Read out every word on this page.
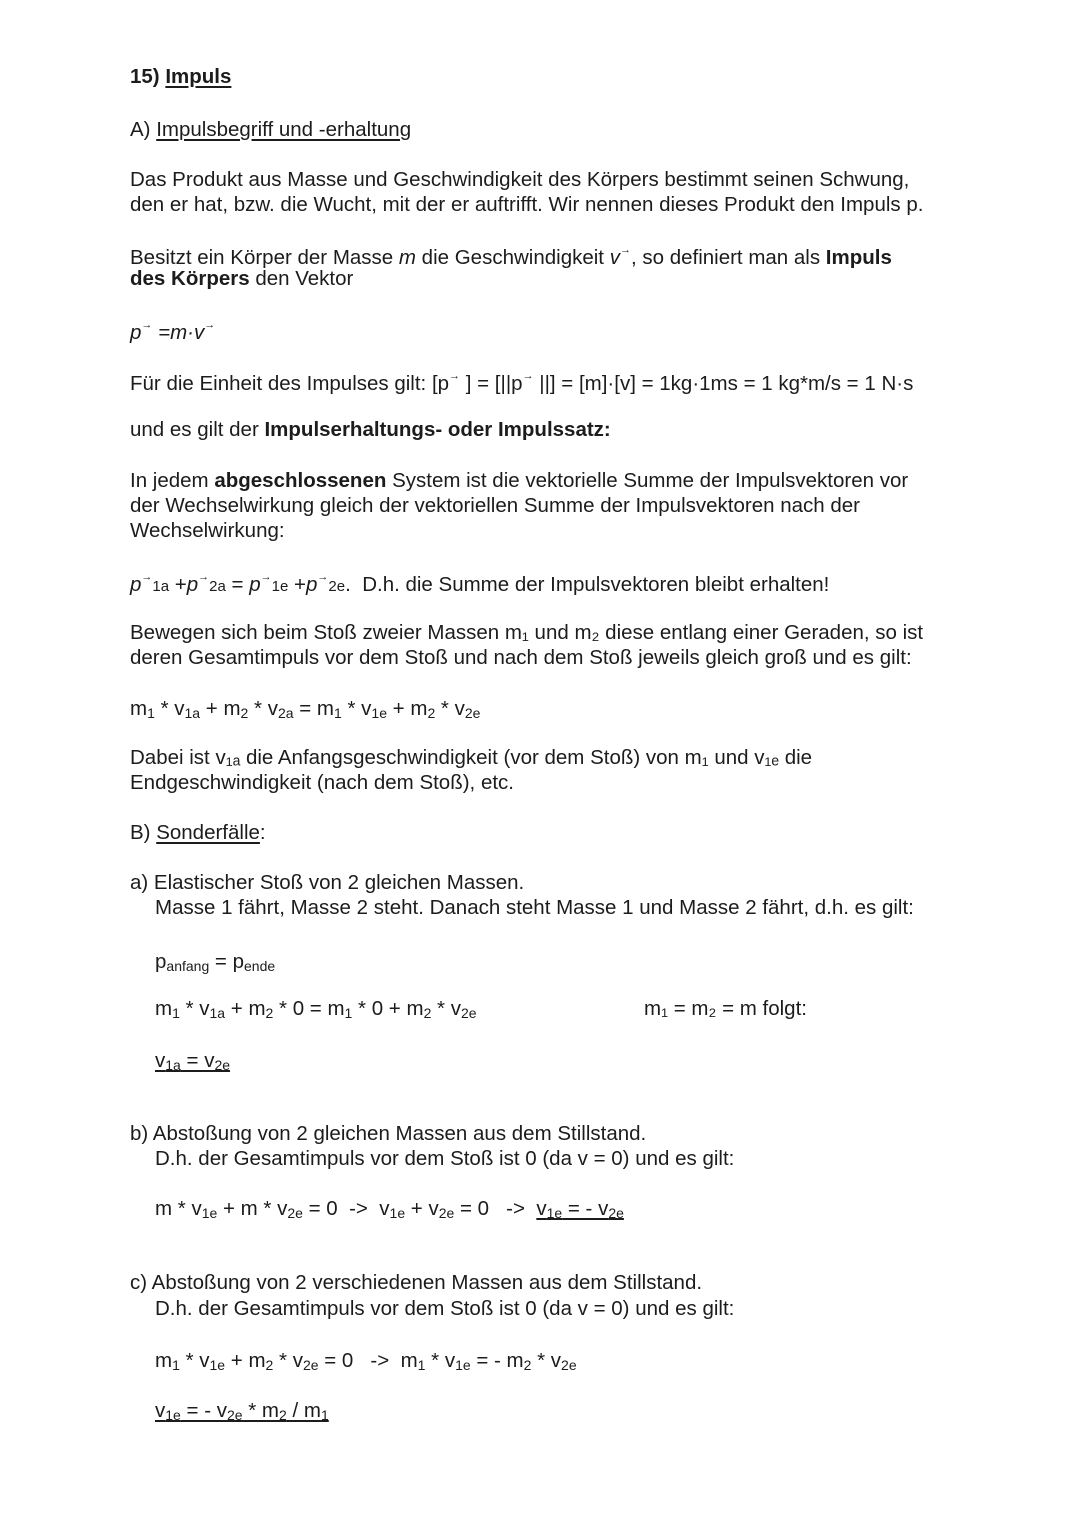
15) Impuls
A) Impulsbegriff und -erhaltung
Das Produkt aus Masse und Geschwindigkeit des Körpers bestimmt seinen Schwung,
den er hat, bzw. die Wucht, mit der er auftrifft. Wir nennen dieses Produkt den Impuls p.
Besitzt ein Körper der Masse m die Geschwindigkeit v→, so definiert man als Impuls
des Körpers den Vektor
p→ =m·v→
Für die Einheit des Impulses gilt: [p→ ] = [||p→ ||] = [m]·[v] = 1kg·1ms = 1 kg*m/s = 1 N·s
und es gilt der Impulserhaltungs- oder Impulssatz:
In jedem abgeschlossenen System ist die vektorielle Summe der Impulsvektoren vor
der Wechselwirkung gleich der vektoriellen Summe der Impulsvektoren nach der
Wechselwirkung:
p→1a +p→2a = p→1e +p→2e.  D.h. die Summe der Impulsvektoren bleibt erhalten!
Bewegen sich beim Stoß zweier Massen m₁ und m₂ diese entlang einer Geraden, so ist
deren Gesamtimpuls vor dem Stoß und nach dem Stoß jeweils gleich groß und es gilt:
m1 * v1a + m2 * v2a = m1 * v1e + m2 * v2e
Dabei ist v₁ₐ die Anfangsgeschwindigkeit (vor dem Stoß) von m₁ und v₁ₑ die
Endgeschwindigkeit (nach dem Stoß), etc.
B) Sonderfälle:
a) Elastischer Stoß von 2 gleichen Massen.
Masse 1 fährt, Masse 2 steht. Danach steht Masse 1 und Masse 2 fährt, d.h. es gilt:
panfang = pende
m1 * v1a + m2 * 0 = m1 * 0 + m2 * v2e	m₁ = m₂ = m folgt:
v1a = v2e
b) Abstoßung von 2 gleichen Massen aus dem Stillstand.
D.h. der Gesamtimpuls vor dem Stoß ist 0 (da v = 0) und es gilt:
m * v1e + m * v2e = 0  ->  v1e + v2e = 0   ->  v1e = - v2e
c) Abstoßung von 2 verschiedenen Massen aus dem Stillstand.
D.h. der Gesamtimpuls vor dem Stoß ist 0 (da v = 0) und es gilt:
m1 * v1e + m2 * v2e = 0   ->  m1 * v1e = - m2 * v2e
v1e = - v2e * m2 / m1
